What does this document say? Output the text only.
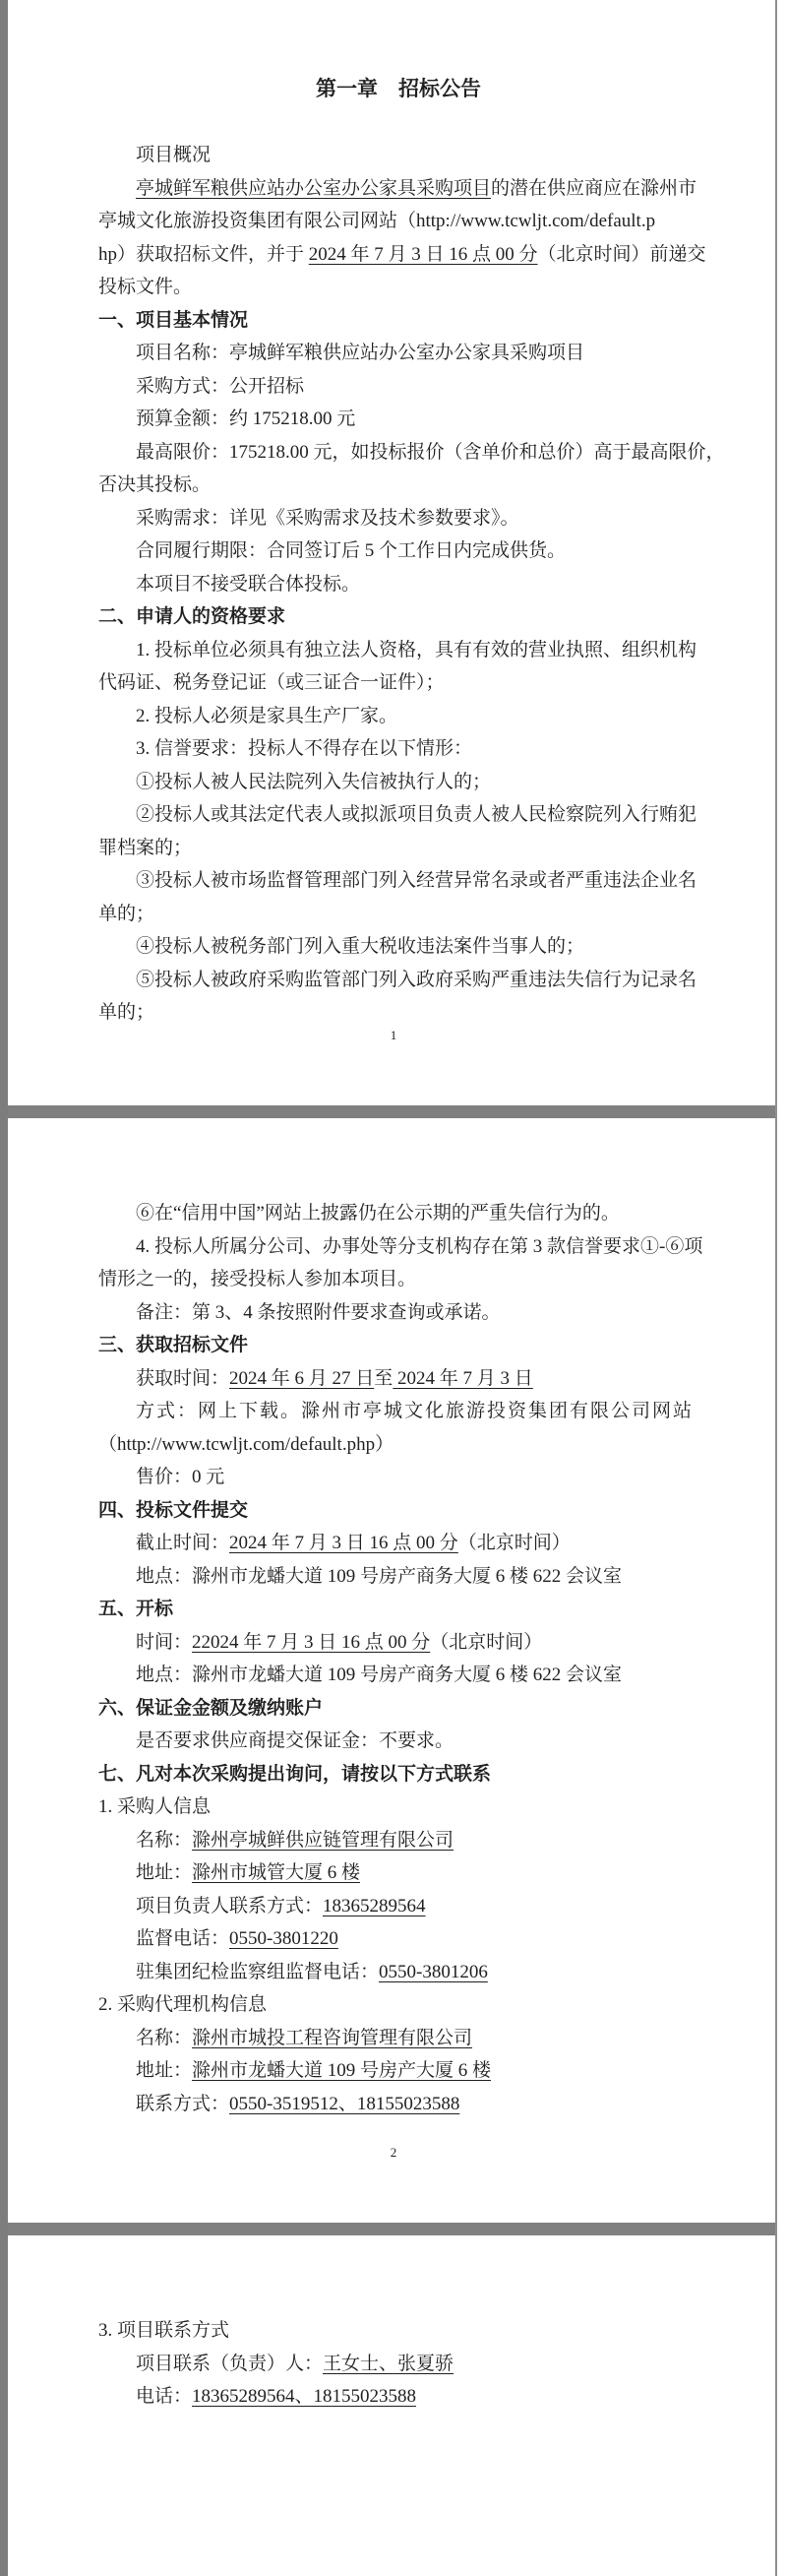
第一章　招标公告
项目概况
亭城鲜军粮供应站办公室办公家具采购项目的潜在供应商应在滁州市
亭城文化旅游投资集团有限公司网站（http://www.tcwljt.com/default.p
hp）获取招标文件，并于 2024 年 7 月 3 日 16 点 00 分（北京时间）前递交
投标文件。
一、项目基本情况
项目名称：亭城鲜军粮供应站办公室办公家具采购项目
采购方式：公开招标
预算金额：约 175218.00 元
最高限价：175218.00 元，如投标报价（含单价和总价）高于最高限价，
否决其投标。
采购需求：详见《采购需求及技术参数要求》。
合同履行期限：合同签订后 5 个工作日内完成供货。
本项目不接受联合体投标。
二、申请人的资格要求
1. 投标单位必须具有独立法人资格，具有有效的营业执照、组织机构
代码证、税务登记证（或三证合一证件）；
2. 投标人必须是家具生产厂家。
3. 信誉要求：投标人不得存在以下情形：
①投标人被人民法院列入失信被执行人的；
②投标人或其法定代表人或拟派项目负责人被人民检察院列入行贿犯
罪档案的；
③投标人被市场监督管理部门列入经营异常名录或者严重违法企业名
单的；
④投标人被税务部门列入重大税收违法案件当事人的；
⑤投标人被政府采购监管部门列入政府采购严重违法失信行为记录名
单的；
1
⑥在“信用中国”网站上披露仍在公示期的严重失信行为的。
4. 投标人所属分公司、办事处等分支机构存在第 3 款信誉要求①-⑥项
情形之一的，接受投标人参加本项目。
备注：第 3、4 条按照附件要求查询或承诺。
三、获取招标文件
获取时间：2024 年 6 月 27 日至 2024 年 7 月 3 日
方式：网上下载。滁州市亭城文化旅游投资集团有限公司网站
（http://www.tcwljt.com/default.php）
售价：0 元
四、投标文件提交
截止时间：2024 年 7 月 3 日 16 点 00 分（北京时间）
地点：滁州市龙蟠大道 109 号房产商务大厦 6 楼 622 会议室
五、开标
时间：22024 年 7 月 3 日 16 点 00 分（北京时间）
地点：滁州市龙蟠大道 109 号房产商务大厦 6 楼 622 会议室
六、保证金金额及缴纳账户
是否要求供应商提交保证金：不要求。
七、凡对本次采购提出询问，请按以下方式联系
1. 采购人信息
名称：滁州亭城鲜供应链管理有限公司
地址：滁州市城管大厦 6 楼
项目负责人联系方式：18365289564
监督电话：0550-3801220
驻集团纪检监察组监督电话：0550-3801206
2. 采购代理机构信息
名称：滁州市城投工程咨询管理有限公司
地址：滁州市龙蟠大道 109 号房产大厦 6 楼
联系方式：0550-3519512、18155023588
2
3. 项目联系方式
项目联系（负责）人：王女士、张夏骄
电话：18365289564、18155023588
